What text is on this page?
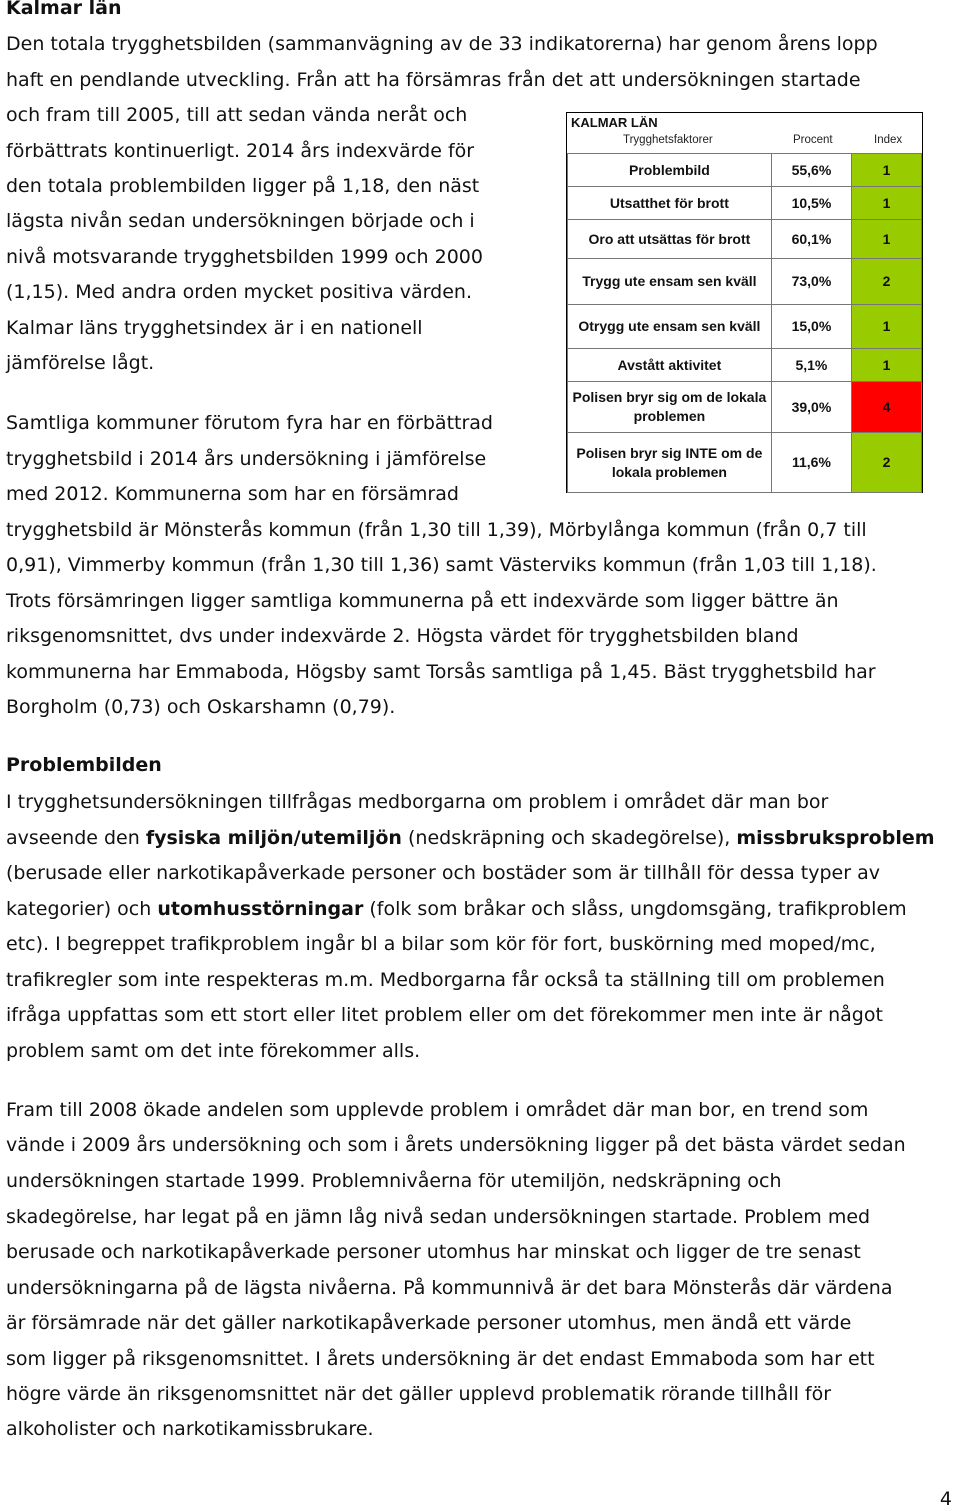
Kalmar län

Den totala trygghetsbilden (sammanvägning av de 33 indikatorerna) har genom årens lopp

haft en pendlande utveckling. Från att ha försämras från det att undersökningen startade

och fram till 2005, till att sedan vända neråt och

förbättrats kontinuerligt. 2014 års indexvärde för

den totala problembilden ligger på 1,18, den näst

lägsta nivån sedan undersökningen började och i

nivå motsvarande trygghetsbilden 1999 och 2000

(1,15). Med andra orden mycket positiva värden.

Kalmar läns trygghetsindex är i en nationell

jämförelse lågt.

Samtliga kommuner förutom fyra har en förbättrad

trygghetsbild i 2014 års undersökning i jämförelse

med 2012. Kommunerna som har en försämrad

trygghetsbild är Mönsterås kommun (från 1,30 till 1,39), Mörbylånga kommun (från 0,7 till

0,91), Vimmerby kommun (från 1,30 till 1,36) samt Västerviks kommun (från 1,03 till 1,18).

Trots försämringen ligger samtliga kommunerna på ett indexvärde som ligger bättre än

riksgenomsnittet, dvs under indexvärde 2. Högsta värdet för trygghetsbilden bland

kommunerna har Emmaboda, Högsby samt Torsås samtliga på 1,45. Bäst trygghetsbild har

Borgholm (0,73) och Oskarshamn (0,79).

KALMAR LÄN
Trygghetsfaktorer	Procent	Index
Problembild	55,6%	1
Utsatthet för brott	10,5%	1
Oro att utsättas för brott	60,1%	1
Trygg ute ensam sen kväll	73,0%	2
Otrygg ute ensam sen kväll	15,0%	1
Avstått aktivitet	5,1%	1
Polisen bryr sig om de lokala problemen	39,0%	4
Polisen bryr sig INTE om de lokala problemen	11,6%	2
Problembilden

I trygghetsundersökningen tillfrågas medborgarna om problem i området där man bor

avseende den fysiska miljön/utemiljön (nedskräpning och skadegörelse), missbruksproblem

(berusade eller narkotikapåverkade personer och bostäder som är tillhåll för dessa typer av

kategorier) och utomhusstörningar (folk som bråkar och slåss, ungdomsgäng, trafikproblem

etc). I begreppet trafikproblem ingår bl a bilar som kör för fort, buskörning med moped/mc,

trafikregler som inte respekteras m.m. Medborgarna får också ta ställning till om problemen

ifråga uppfattas som ett stort eller litet problem eller om det förekommer men inte är något

problem samt om det inte förekommer alls.

Fram till 2008 ökade andelen som upplevde problem i området där man bor, en trend som

vände i 2009 års undersökning och som i årets undersökning ligger på det bästa värdet sedan

undersökningen startade 1999. Problemnivåerna för utemiljön, nedskräpning och

skadegörelse, har legat på en jämn låg nivå sedan undersökningen startade. Problem med

berusade och narkotikapåverkade personer utomhus har minskat och ligger de tre senast

undersökningarna på de lägsta nivåerna. På kommunnivå är det bara Mönsterås där värdena

är försämrade när det gäller narkotikapåverkade personer utomhus, men ändå ett värde

som ligger på riksgenomsnittet. I årets undersökning är det endast Emmaboda som har ett

högre värde än riksgenomsnittet när det gäller upplevd problematik rörande tillhåll för

alkoholister och narkotikamissbrukare.

4
